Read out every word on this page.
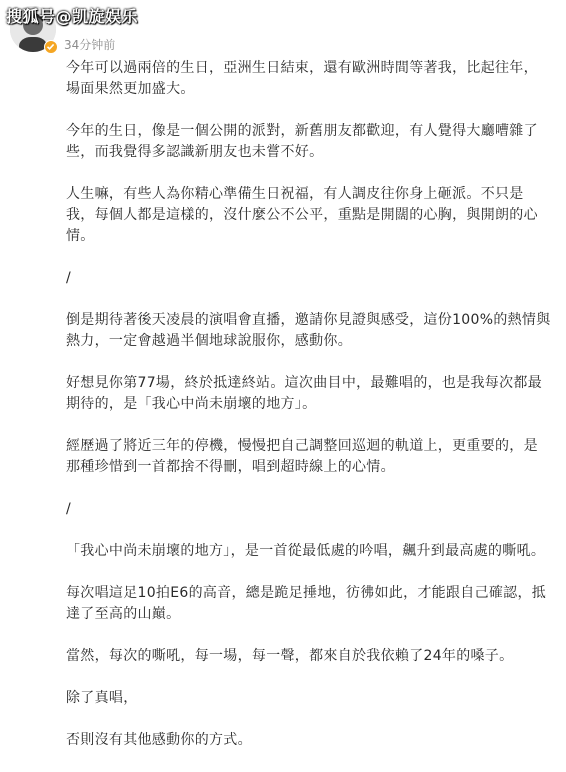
搜狐号@凯旋娱乐
34分钟前

今年可以過兩倍的生日，亞洲生日結束，還有歐洲時間等著我，比起往年，場面果然更加盛大。

今年的生日，像是一個公開的派對，新舊朋友都歡迎，有人覺得大廳嘈雜了些，而我覺得多認識新朋友也未嘗不好。

人生嘛，有些人為你精心準備生日祝福，有人調皮往你身上砸派。不只是我，每個人都是這樣的，沒什麼公不公平，重點是開闊的心胸，與開朗的心情。

/

倒是期待著後天凌晨的演唱會直播，邀請你見證與感受，這份100%的熱情與熱力，一定會越過半個地球說服你，感動你。

好想見你第77場，終於抵達終站。這次曲目中，最難唱的，也是我每次都最期待的，是「我心中尚未崩壞的地方」。

經歷過了將近三年的停機，慢慢把自己調整回巡迴的軌道上，更重要的，是那種珍惜到一首都捨不得刪，唱到超時線上的心情。

/

「我心中尚未崩壞的地方」，是一首從最低處的吟唱，飆升到最高處的嘶吼。

每次唱這足10拍E6的高音，總是跪足捶地，彷彿如此，才能跟自己確認，抵達了至高的山巔。

當然，每次的嘶吼，每一場，每一聲，都來自於我依賴了24年的嗓子。

除了真唱，

否則沒有其他感動你的方式。
